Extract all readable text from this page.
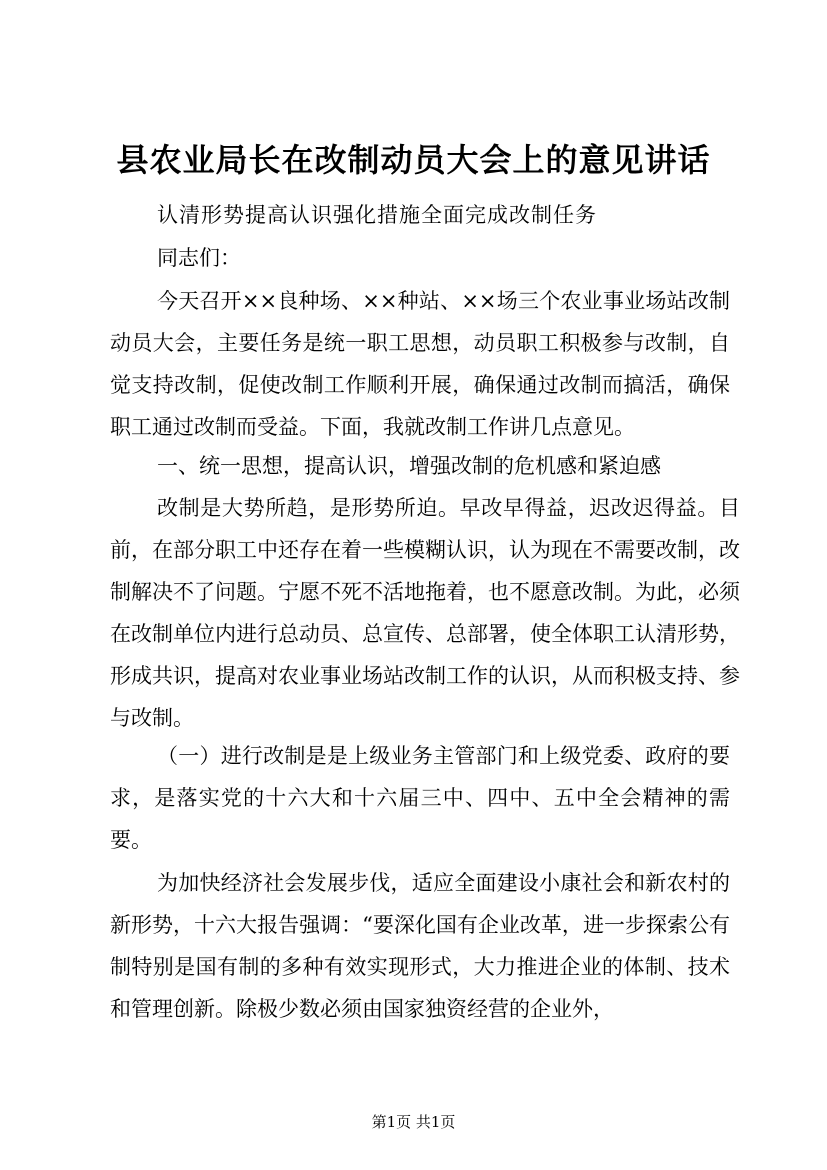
县农业局长在改制动员大会上的意见讲话
认清形势提高认识强化措施全面完成改制任务
同志们：

今天召开××良种场、××种站、××场三个农业事业场站改制动员大会，主要任务是统一职工思想，动员职工积极参与改制，自觉支持改制，促使改制工作顺利开展，确保通过改制而搞活，确保职工通过改制而受益。下面，我就改制工作讲几点意见。

一、统一思想，提高认识，增强改制的危机感和紧迫感

改制是大势所趋，是形势所迫。早改早得益，迟改迟得益。目前，在部分职工中还存在着一些模糊认识，认为现在不需要改制，改制解决不了问题。宁愿不死不活地拖着，也不愿意改制。为此，必须在改制单位内进行总动员、总宣传、总部署，使全体职工认清形势，形成共识，提高对农业事业场站改制工作的认识，从而积极支持、参与改制。

（一）进行改制是是上级业务主管部门和上级党委、政府的要求，是落实党的十六大和十六届三中、四中、五中全会精神的需要。

为加快经济社会发展步伐，适应全面建设小康社会和新农村的新形势，十六大报告强调：“要深化国有企业改革，进一步探索公有制特别是国有制的多种有效实现形式，大力推进企业的体制、技术和管理创新。除极少数必须由国家独资经营的企业外，

第1页 共1页
